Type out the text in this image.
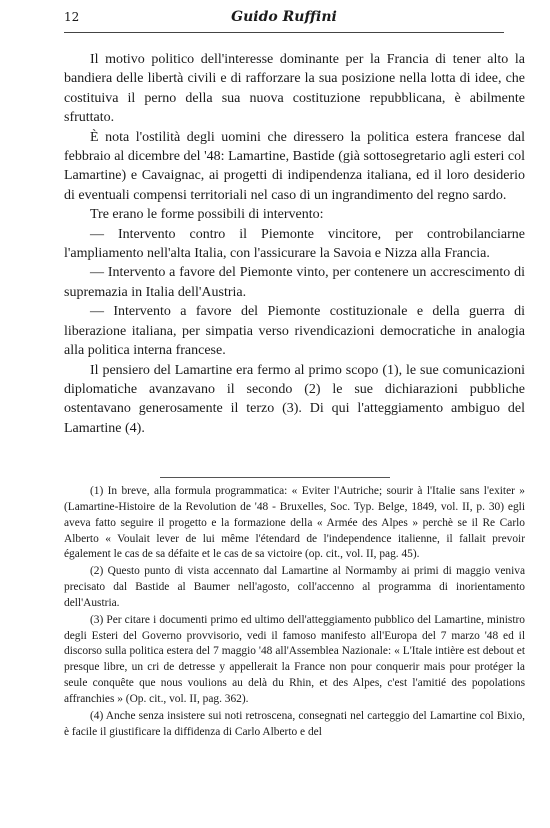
12	Guido Ruffini

Il motivo politico dell'interesse dominante per la Francia di tener alto la bandiera delle libertà civili e di rafforzare la sua posizione nella lotta di idee, che costituiva il perno della sua nuova costituzione repubblicana, è abilmente sfruttato.

È nota l'ostilità degli uomini che diressero la politica estera francese dal febbraio al dicembre del '48: Lamartine, Bastide (già sottosegretario agli esteri col Lamartine) e Cavaignac, ai progetti di indipendenza italiana, ed il loro desiderio di eventuali compensi territoriali nel caso di un ingrandimento del regno sardo.

Tre erano le forme possibili di intervento:

— Intervento contro il Piemonte vincitore, per controbilanciarne l'ampliamento nell'alta Italia, con l'assicurare la Savoia e Nizza alla Francia.

— Intervento a favore del Piemonte vinto, per contenere un accrescimento di supremazia in Italia dell'Austria.

— Intervento a favore del Piemonte costituzionale e della guerra di liberazione italiana, per simpatia verso rivendicazioni democratiche in analogia alla politica interna francese.

Il pensiero del Lamartine era fermo al primo scopo (1), le sue comunicazioni diplomatiche avanzavano il secondo (2) le sue dichiarazioni pubbliche ostentavano generosamente il terzo (3). Di qui l'atteggiamento ambiguo del Lamartine (4).

(1) In breve, alla formula programmatica: « Eviter l'Autriche; sourir à l'Italie sans l'exiter » (Lamartine-Histoire de la Revolution de '48 - Bruxelles, Soc. Typ. Belge, 1849, vol. II, p. 30) egli aveva fatto seguire il progetto e la formazione della « Armée des Alpes » perchè se il Re Carlo Alberto « Voulait lever de lui même l'étendard de l'independence italienne, il fallait prevoir également le cas de sa défaite et le cas de sa victoire (op. cit., vol. II, pag. 45).

(2) Questo punto di vista accennato dal Lamartine al Normamby ai primi di maggio veniva precisato dal Bastide al Baumer nell'agosto, coll'accenno al programma di inorientamento dell'Austria.

(3) Per citare i documenti primo ed ultimo dell'atteggiamento pubblico del Lamartine, ministro degli Esteri del Governo provvisorio, vedi il famoso manifesto all'Europa del 7 marzo '48 ed il discorso sulla politica estera del 7 maggio '48 all'Assemblea Nazionale: « L'Itale intière est debout et presque libre, un cri de detresse y appellerait la France non pour conquerir mais pour protéger la seule conquête que nous voulions au delà du Rhin, et des Alpes, c'est l'amitié des popolations affranchies » (Op. cit., vol. II, pag. 362).

(4) Anche senza insistere sui noti retroscena, consegnati nel carteggio del Lamartine col Bixio, è facile il giustificare la diffidenza di Carlo Alberto e del
